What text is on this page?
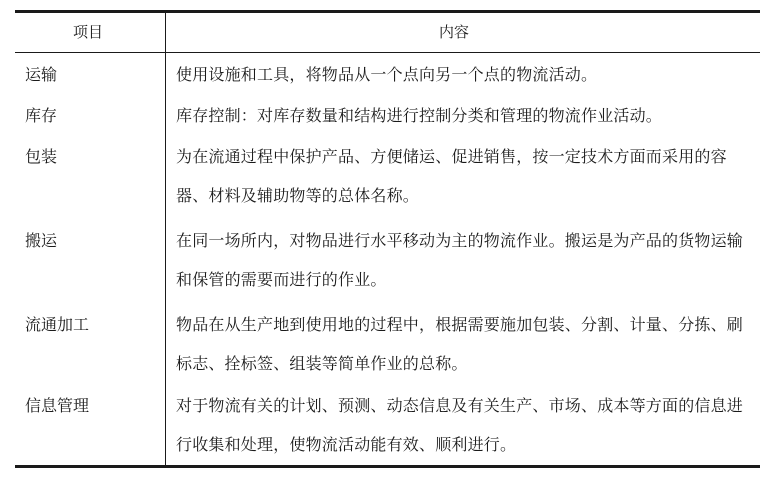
项目	内容
运输	使用设施和工具，将物品从一个点向另一个点的物流活动。
库存	库存控制：对库存数量和结构进行控制分类和管理的物流作业活动。
包装	为在流通过程中保护产品、方便储运、促进销售，按一定技术方面而采用的容器、材料及辅助物等的总体名称。
搬运	在同一场所内，对物品进行水平移动为主的物流作业。搬运是为产品的货物运输和保管的需要而进行的作业。
流通加工	物品在从生产地到使用地的过程中，根据需要施加包装、分割、计量、分拣、刷标志、拴标签、组装等简单作业的总称。
信息管理	对于物流有关的计划、预测、动态信息及有关生产、市场、成本等方面的信息进行收集和处理，使物流活动能有效、顺利进行。
